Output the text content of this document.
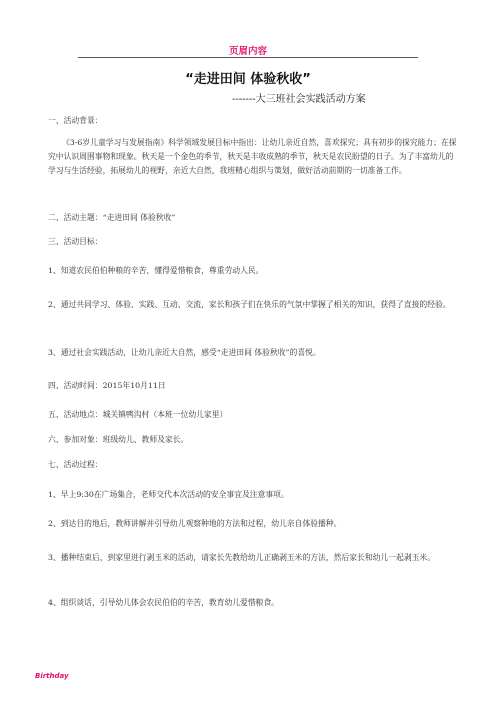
页眉内容
“走进田间 体验秋收”
-------大三班社会实践活动方案
一、活动背景：
《3-6岁儿童学习与发展指南》科学领域发展目标中指出：让幼儿亲近自然，喜欢探究；具有初步的探究能力；在探究中认识周围事物和现象。秋天是一个金色的季节，秋天是丰收成熟的季节，秋天是农民盼望的日子。为了丰富幼儿的学习与生活经验，拓展幼儿的视野，亲近大自然，我班精心组织与策划，做好活动前期的一切准备工作。
二、活动主题：“走进田间 体验秋收”
三、活动目标：
1、知道农民伯伯种粮的辛苦，懂得爱惜粮食，尊重劳动人民。
2、通过共同学习、体验、实践、互动、交流，家长和孩子们在快乐的气氛中掌握了相关的知识，获得了直接的经验。
3、通过社会实践活动，让幼儿亲近大自然，感受“走进田间 体验秋收”的喜悦。
四、活动时间：2015年10月11日
五、活动地点：城关镇鸭沟村（本班一位幼儿家里）
六、参加对象：班级幼儿、教师及家长。
七、活动过程：
1、早上9:30在广场集合，老师交代本次活动的安全事宜及注意事项。
2、到达目的地后，教师讲解并引导幼儿观察种地的方法和过程，幼儿亲自体验播种。
3、播种结束后，到家里进行剥玉米的活动，请家长先教给幼儿正确剥玉米的方法，然后家长和幼儿一起剥玉米。
4、组织谈话，引导幼儿体会农民伯伯的辛苦，教育幼儿爱惜粮食。
Birthday
